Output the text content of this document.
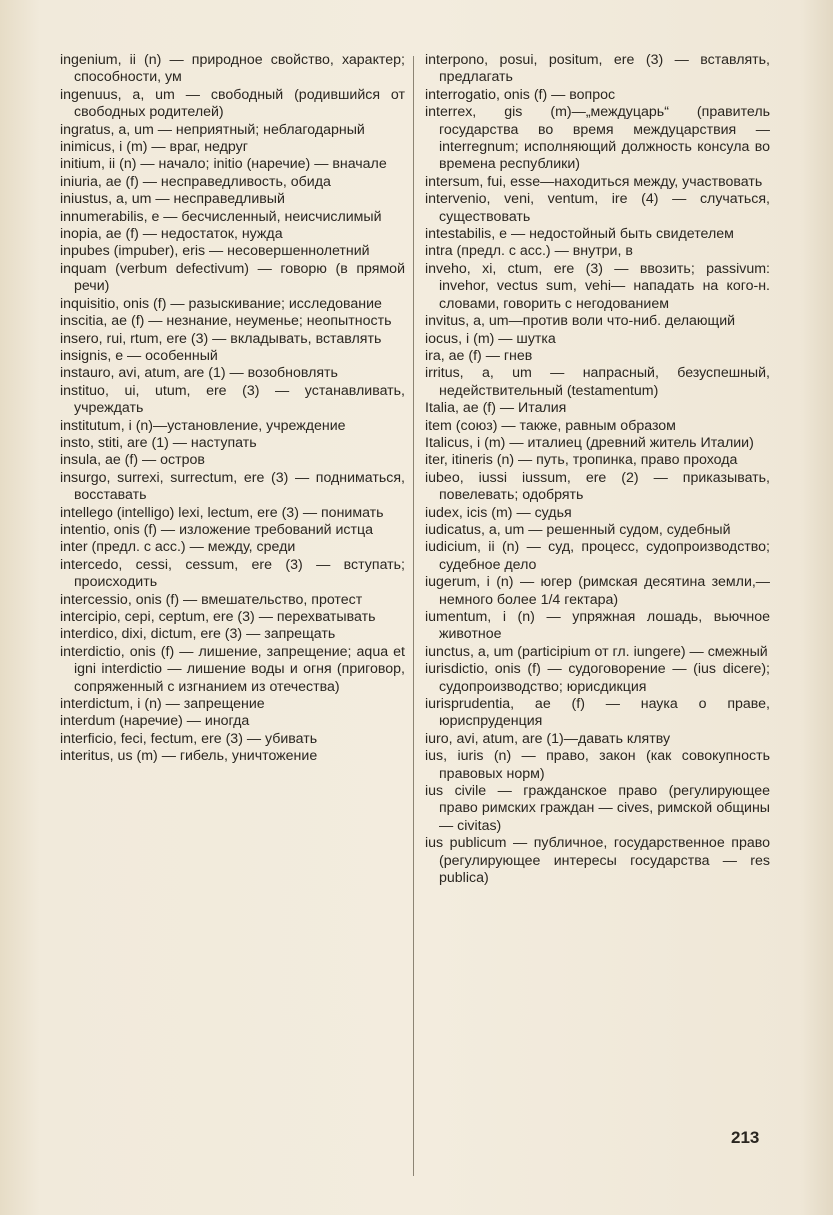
ingenium, ii (n) — природное свойство, характер; способности, ум

ingenuus, a, um — свободный (родившийся от свободных родителей)

ingratus, a, um — неприятный; неблагодарный

inimicus, i (m) — враг, недруг

initium, ii (n) — начало; initio (наречие) — вначале

iniuria, ae (f) — несправедливость, обида

iniustus, a, um — несправедливый

innumerabilis, e — бесчисленный, неисчислимый

inopia, ae (f) — недостаток, нужда

inpubes (impuber), eris — несовершеннолетний

inquam (verbum defectivum) — говорю (в прямой речи)

inquisitio, onis (f) — разыскивание; исследование

inscitia, ae (f) — незнание, неуменье; неопытность

insero, rui, rtum, ere (3) — вкладывать, вставлять

insignis, e — особенный

instauro, avi, atum, are (1) — возобновлять

instituo, ui, utum, ere (3) — устанавливать, учреждать

institutum, i (n)—установление, учреждение

insto, stiti, are (1) — наступать

insula, ae (f) — остров

insurgo, surrexi, surrectum, ere (3) — подниматься, восставать

intellego (intelligo) lexi, lectum, ere (3) — понимать

intentio, onis (f) — изложение требований истца

inter (предл. с acc.) — между, среди

intercedo, cessi, cessum, ere (3) — вступать; происходить

intercessio, onis (f) — вмешательство, протест

intercipio, cepi, ceptum, ere (3) — перехватывать

interdico, dixi, dictum, ere (3) — запрещать

interdictio, onis (f) — лишение, запрещение; aqua et igni interdictio — лишение воды и огня (приговор, сопряженный с изгнанием из отечества)

interdictum, i (n) — запрещение

interdum (наречие) — иногда

interficio, feci, fectum, ere (3) — убивать

interitus, us (m) — гибель, уничтожение

interpono, posui, positum, ere (3) — вставлять, предлагать

interrogatio, onis (f) — вопрос

interrex, gis (m)—„междуцарь“ (правитель государства во время междуцарствия — interregnum; исполняющий должность консула во времена республики)

intersum, fui, esse—находиться между, участвовать

intervenio, veni, ventum, ire (4) — случаться, существовать

intestabilis, e — недостойный быть свидетелем

intra (предл. с acc.) — внутри, в

inveho, xi, ctum, ere (3) — ввозить; passivum: invehor, vectus sum, vehi— нападать на кого-н. словами, говорить с негодованием

invitus, a, um—против воли что-ниб. делающий

iocus, i (m) — шутка

ira, ae (f) — гнев

irritus, a, um — напрасный, безуспешный, недействительный (testamentum)

Italia, ae (f) — Италия

item (союз) — также, равным образом

Italicus, i (m) — италиец (древний житель Италии)

iter, itineris (n) — путь, тропинка, право прохода

iubeo, iussi iussum, ere (2) — приказывать, повелевать; одобрять

iudex, icis (m) — судья

iudicatus, a, um — решенный судом, судебный

iudicium, ii (n) — суд, процесс, судопроизводство; судебное дело

iugerum, i (n) — югер (римская десятина земли,— немного более 1/4 гектара)

iumentum, i (n) — упряжная лошадь, вьючное животное

iunctus, a, um (participium от гл. iungere) — смежный

iurisdictio, onis (f) — судоговорение — (ius dicere); судопроизводство; юрисдикция

iurisprudentia, ae (f) — наука о праве, юриспруденция

iuro, avi, atum, are (1)—давать клятву

ius, iuris (n) — право, закон (как совокупность правовых норм)

ius civile — гражданское право (регулирующее право римских граждан — cives, римской общины — civitas)

ius publicum — публичное, государственное право (регулирующее интересы государства — res publica)

213
